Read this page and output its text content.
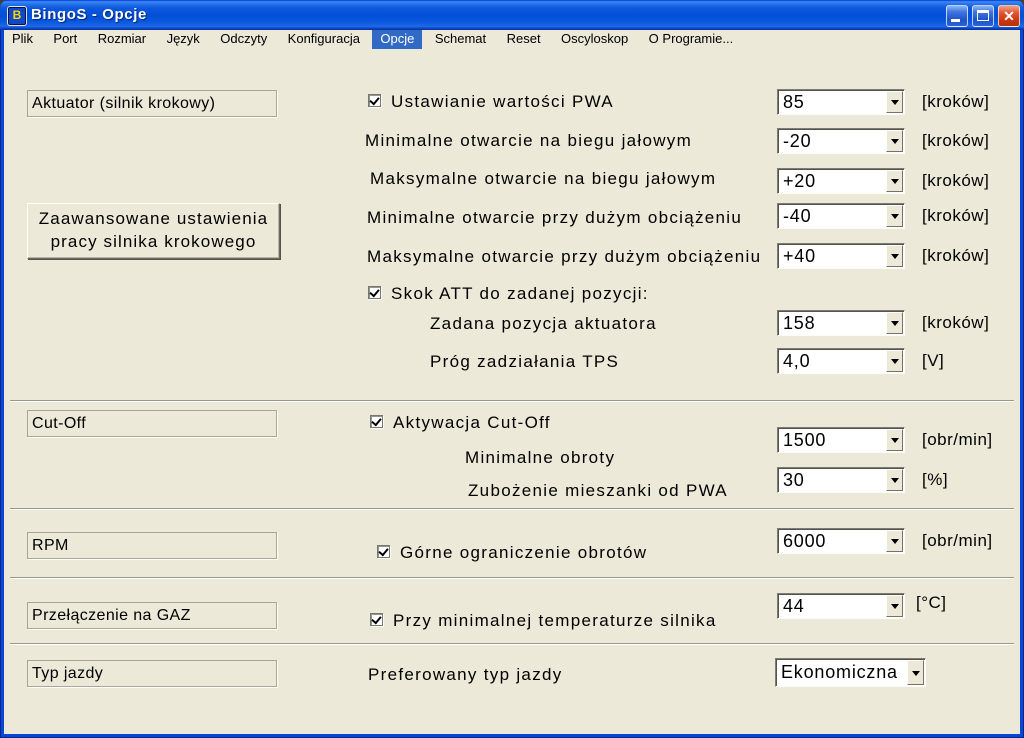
B BingoS - Opcje	✕
Plik Port Rozmiar Język Odczyty Konfiguracja Opcje Schemat Reset Oscyloskop O Programie...
Aktuator (silnik krokowy)
Cut-Off
RPM
Przełączenie na GAZ
Typ jazdy
Zaawansowane ustawienia
pracy silnika krokowego
Ustawianie wartości PWA	85	[kroków]
Minimalne otwarcie na biegu jałowym	-20	[kroków]
Maksymalne otwarcie na biegu jałowym	+20	[kroków]
Minimalne otwarcie przy dużym obciążeniu -40	[kroków]
Maksymalne otwarcie przy dużym obciążeniu +40	[kroków]
Skok ATT do zadanej pozycji:
Zadana pozycja aktuatora	158	[kroków]
Próg zadziałania TPS	4,0	[V]
Aktywacja Cut-Off
Minimalne obroty
1500	[obr/min]
Zubożenie mieszanki od PWA
30	[%]
Górne ograniczenie obrotów
6000	[obr/min]
Przy minimalnej temperaturze silnika
44	[°C]
Preferowany typ jazdy	Ekonomiczna
